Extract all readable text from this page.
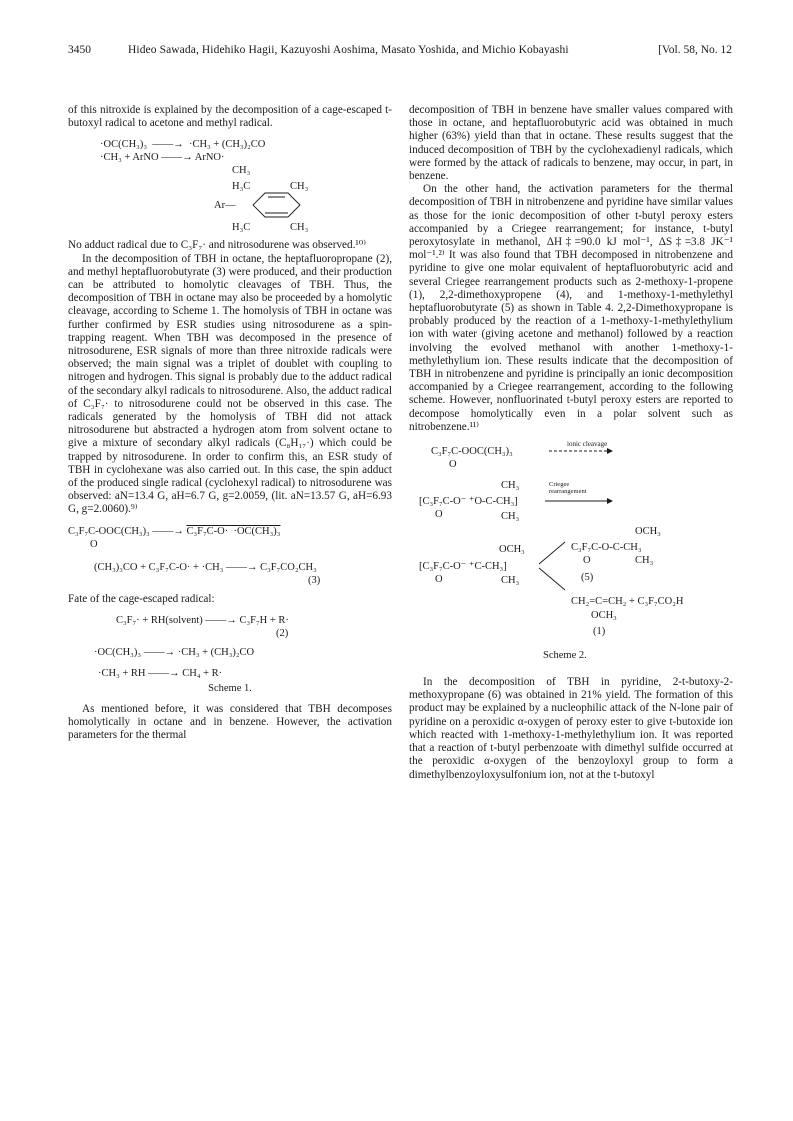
3450	Hideo Sawada, Hidehiko Hagii, Kazuyoshi Aoshima, Masato Yoshida, and Michio Kobayashi	[Vol. 58, No. 12

of this nitroxide is explained by the decomposition of a cage-escaped t-butoxyl radical to acetone and methyl radical.

·OC(CH₃)₃  ——→  ·CH₃ + (CH₃)₂CO
·CH₃ + ArNO ——→ ArNO·
CH₃
H₃C	CH₃
Ar—
H₃C	CH₃

No adduct radical due to C₃F₇· and nitrosodurene was observed.¹⁰⁾

In the decomposition of TBH in octane, the heptafluoropropane (2), and methyl heptafluorobutyrate (3) were produced, and their production can be attributed to homolytic cleavages of TBH. Thus, the decomposition of TBH in octane may also be proceeded by a homolytic cleavage, according to Scheme 1. The homolysis of TBH in octane was further confirmed by ESR studies using nitrosodurene as a spin-trapping reagent. When TBH was decomposed in the presence of nitrosodurene, ESR signals of more than three nitroxide radicals were observed; the main signal was a triplet of doublet with coupling to nitrogen and hydrogen. This signal is probably due to the adduct radical of the secondary alkyl radicals to nitrosodurene. Also, the adduct radical of C₃F₇· to nitrosodurene could not be observed in this case. The radicals generated by the homolysis of TBH did not attack nitrosodurene but abstracted a hydrogen atom from solvent octane to give a mixture of secondary alkyl radicals (C₈H₁₇·) which could be trapped by nitrosodurene. In order to confirm this, an ESR study of TBH in cyclohexane was also carried out. In this case, the spin adduct of the produced single radical (cyclohexyl radical) to nitrosodurene was observed: aN=13.4 G, aH=6.7 G, g=2.0059, (lit. aN=13.57 G, aH=6.93 G, g=2.0060).⁹⁾

C₃F₇C-OOC(CH₃)₃ ——→ C₃F₇C-O·  ·OC(CH₃)₃
O
(CH₃)₃CO + C₃F₇C-O· + ·CH₃ ——→ C₃F₇CO₂CH₃
(3)

Fate of the cage-escaped radical:

C₃F₇· + RH(solvent) ——→ C₃F₇H + R·
(2)
·OC(CH₃)₃ ——→ ·CH₃ + (CH₃)₂CO
·CH₃ + RH ——→ CH₄ + R·
Scheme 1.

As mentioned before, it was considered that TBH decomposes homolytically in octane and in benzene. However, the activation parameters for the thermal

decomposition of TBH in benzene have smaller values compared with those in octane, and heptafluorobutyric acid was obtained in much higher (63%) yield than that in octane. These results suggest that the induced decomposition of TBH by the cyclohexadienyl radicals, which were formed by the attack of radicals to benzene, may occur, in part, in benzene.

On the other hand, the activation parameters for the thermal decomposition of TBH in nitrobenzene and pyridine have similar values as those for the ionic decomposition of other t-butyl peroxy esters accompanied by a Criegee rearrangement; for instance, t-butyl peroxytosylate in methanol, ΔH‡=90.0 kJ mol⁻¹, ΔS‡=3.8 JK⁻¹ mol⁻¹.²⁾ It was also found that TBH decomposed in nitrobenzene and pyridine to give one molar equivalent of heptafluorobutyric acid and several Criegee rearrangement products such as 2-methoxy-1-propene (1), 2,2-dimethoxypropene (4), and 1-methoxy-1-methylethyl heptafluorobutyrate (5) as shown in Table 4. 2,2-Dimethoxypropane is probably produced by the reaction of a 1-methoxy-1-methylethylium ion with water (giving acetone and methanol) followed by a reaction involving the evolved methanol with another 1-methoxy-1-methylethylium ion. These results indicate that the decomposition of TBH in nitrobenzene and pyridine is principally an ionic decomposition accompanied by a Criegee rearrangement, according to the following scheme. However, nonfluorinated t-butyl peroxy esters are reported to decompose homolytically even in a polar solvent such as nitrobenzene.¹¹⁾

C₃F₇C-OOC(CH₃)₃
ionic cleavage
O
CH₃	Criegee
rearrangement
[C₃F₇C-O⁻ ⁺O-C-CH₃]
O	CH₃
OCH₃
C₃F₇C-O-C-CH₃
O	CH₃
OCH₃
[C₃F₇C-O⁻ ⁺C-CH₃]
O	CH₃	(5)
CH₂=C=CH₂ + C₃F₇CO₂H
OCH₃
(1)
Scheme 2.

In the decomposition of TBH in pyridine, 2-t-butoxy-2-methoxypropane (6) was obtained in 21% yield. The formation of this product may be explained by a nucleophilic attack of the N-lone pair of pyridine on a peroxidic α-oxygen of peroxy ester to give t-butoxide ion which reacted with 1-methoxy-1-methylethylium ion. It was reported that a reaction of t-butyl perbenzoate with dimethyl sulfide occurred at the peroxidic α-oxygen of the benzoyloxyl group to form a dimethylbenzoyloxysulfonium ion, not at the t-butoxyl
